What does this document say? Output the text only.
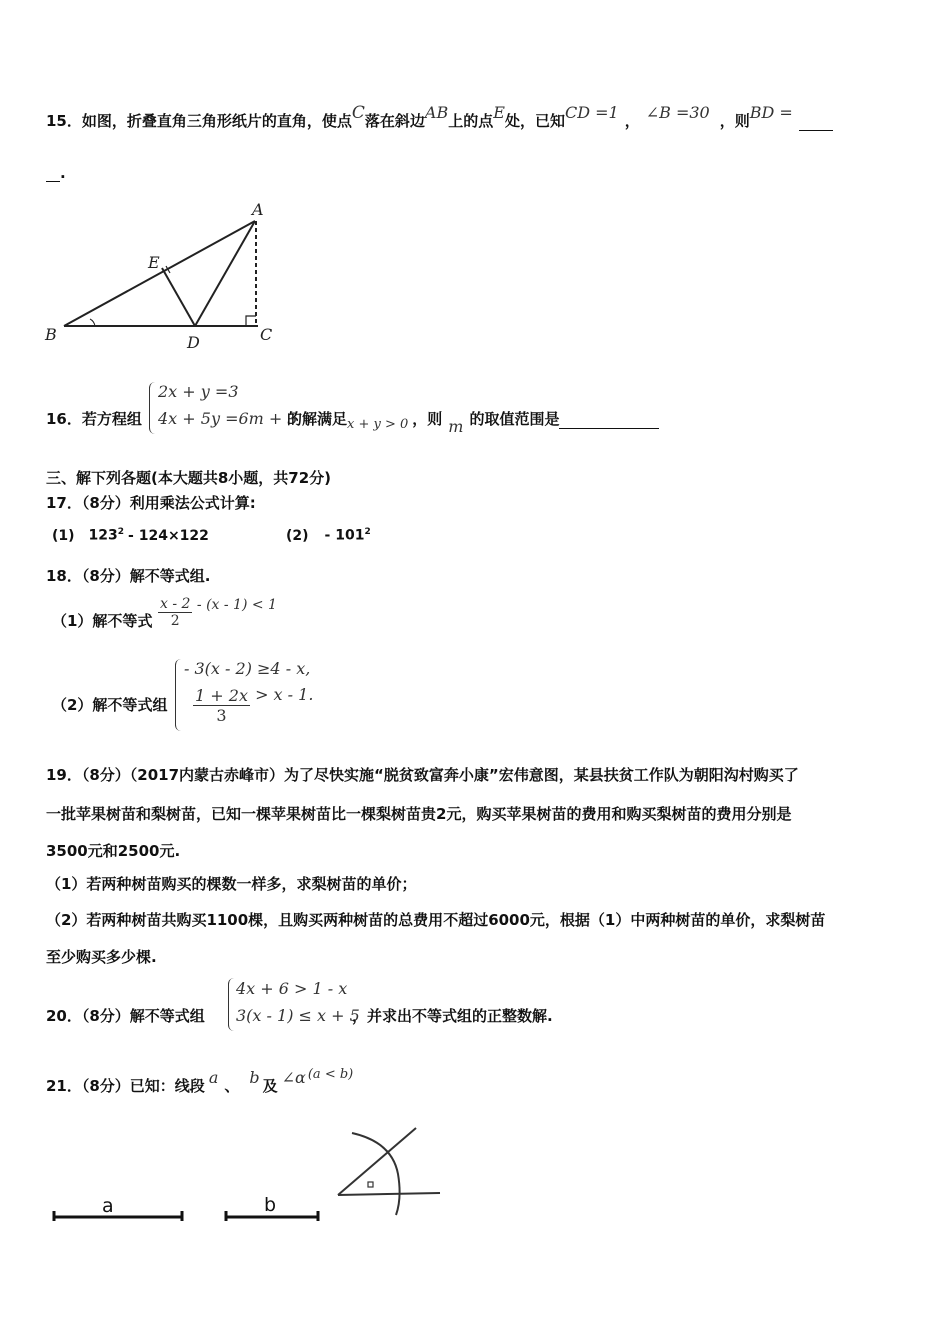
15．如图，折叠直角三角形纸片的直角，使点C落在斜边AB上的点E处，已知CD =1 ， ∠B =30 ，则BD =
.
A
B	C
D
E
16．若方程组
2x + y =3
4x + 5y =6m + 3
的解满足x + y > 0 ，则 m 的取值范围是
三、解下列各题(本大题共8小题，共72分)
17．（8分）利用乘法公式计算:
(1) $123^2 - 124\times 122$	$(2) - 101^2$
18．（8分）解不等式组.
（1）解不等式 $\frac{x - 2}{2} - (x - 1) < 1$
（2）解不等式组
- 3(x - 2) ≥4 - x,
$\frac{1 + 2x}{3} > x - 1$.
19．（8分）（2017内蒙古赤峰市）为了尽快实施“脱贫致富奔小康”宏伟意图，某县扶贫工作队为朝阳沟村购买了
一批苹果树苗和梨树苗，已知一棵苹果树苗比一棵梨树苗贵2元，购买苹果树苗的费用和购买梨树苗的费用分别是
3500元和2500元.
（1）若两种树苗购买的棵数一样多，求梨树苗的单价；
（2）若两种树苗共购买1100棵，且购买两种树苗的总费用不超过6000元，根据（1）中两种树苗的单价，求梨树苗
至少购买多少棵.
20．（8分）解不等式组
4x + 6 > 1 - x
3(x - 1) ≤ x + 5
，并求出不等式组的正整数解.
21．（8分）已知：线段 a 、 b 及 ∠α (a < b)
a	b
